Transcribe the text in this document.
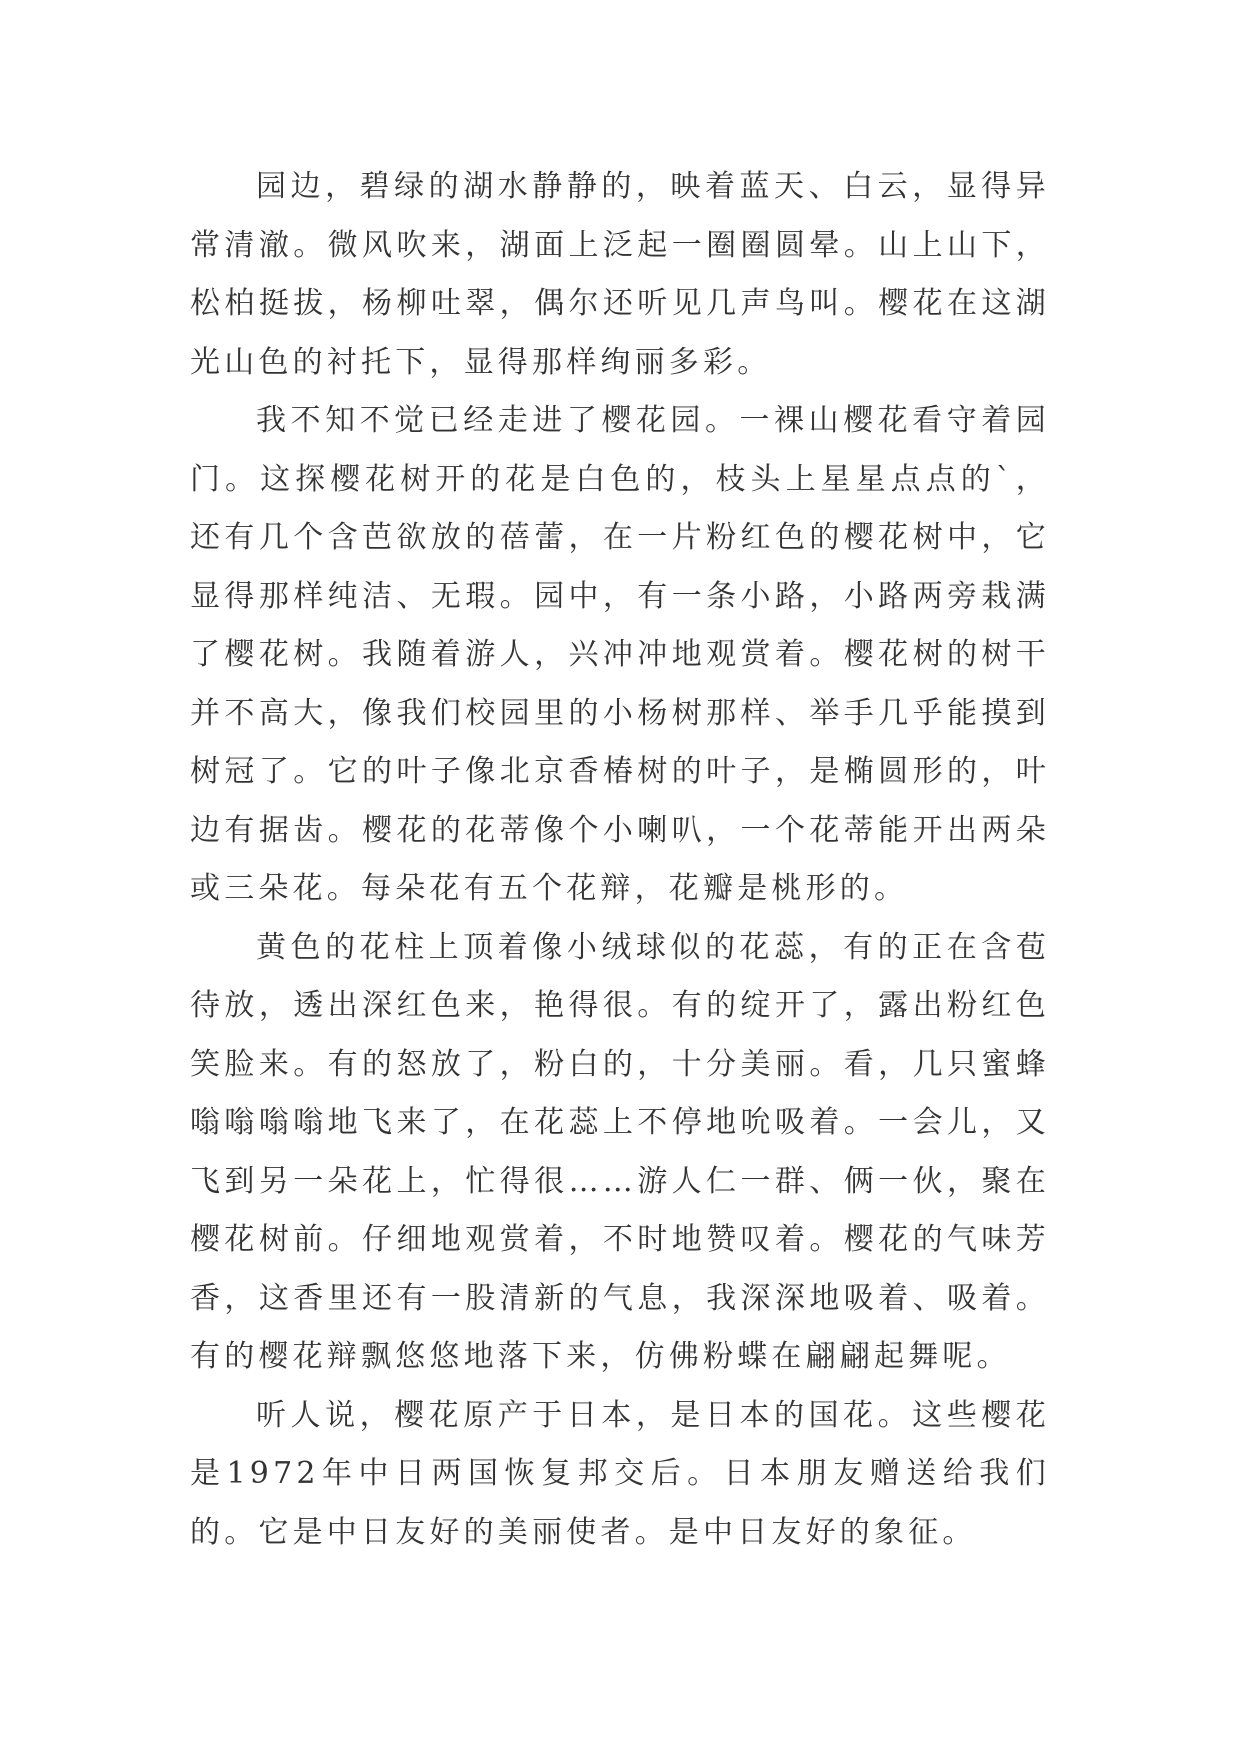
园边，碧绿的湖水静静的，映着蓝天、白云，显得异常清澈。微风吹来，湖面上泛起一圈圈圆晕。山上山下，松柏挺拔，杨柳吐翠，偶尔还听见几声鸟叫。樱花在这湖光山色的衬托下，显得那样绚丽多彩。

我不知不觉已经走进了樱花园。一裸山樱花看守着园门。这探樱花树开的花是白色的，枝头上星星点点的`，还有几个含芭欲放的蓓蕾，在一片粉红色的樱花树中，它显得那样纯洁、无瑕。园中，有一条小路，小路两旁栽满了樱花树。我随着游人，兴冲冲地观赏着。樱花树的树干并不高大，像我们校园里的小杨树那样、举手几乎能摸到树冠了。它的叶子像北京香椿树的叶子，是椭圆形的，叶边有据齿。樱花的花蒂像个小喇叭，一个花蒂能开出两朵或三朵花。每朵花有五个花辩，花瓣是桃形的。

黄色的花柱上顶着像小绒球似的花蕊，有的正在含苞待放，透出深红色来，艳得很。有的绽开了，露出粉红色笑脸来。有的怒放了，粉白的，十分美丽。看，几只蜜蜂嗡嗡嗡嗡地飞来了，在花蕊上不停地吮吸着。一会儿，又飞到另一朵花上，忙得很……游人仁一群、俩一伙，聚在樱花树前。仔细地观赏着，不时地赞叹着。樱花的气味芳香，这香里还有一股清新的气息，我深深地吸着、吸着。有的樱花辩飘悠悠地落下来，仿佛粉蝶在翩翩起舞呢。

听人说，樱花原产于日本，是日本的国花。这些樱花是1972年中日两国恢复邦交后。日本朋友赠送给我们的。它是中日友好的美丽使者。是中日友好的象征。
